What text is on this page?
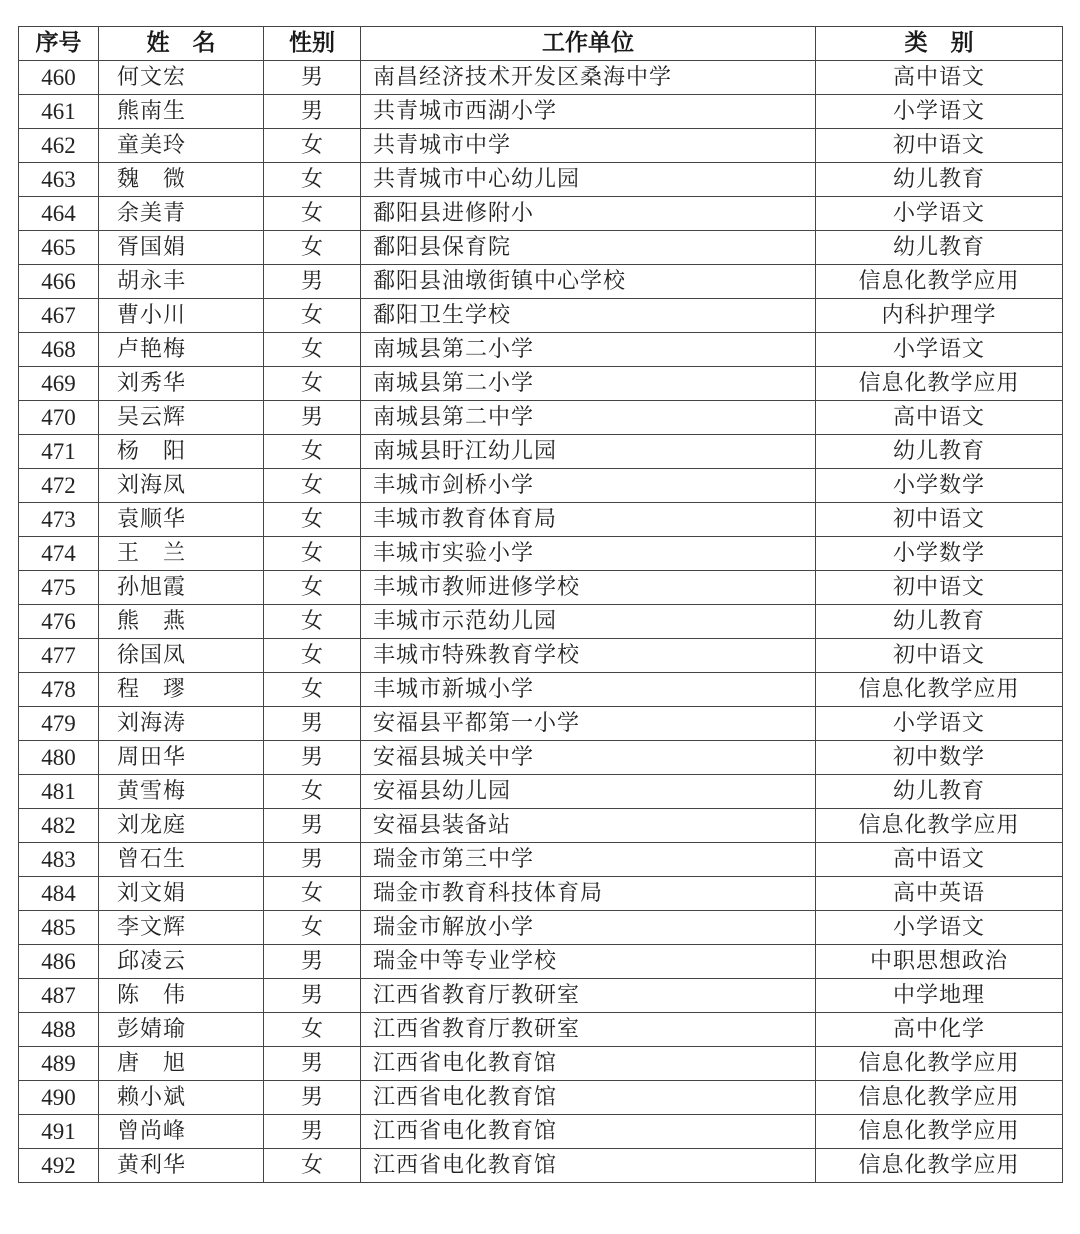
序号	姓　名	性别	工作单位	类　别
460	何文宏	男	南昌经济技术开发区桑海中学	高中语文
461	熊南生	男	共青城市西湖小学	小学语文
462	童美玲	女	共青城市中学	初中语文
463	魏　微	女	共青城市中心幼儿园	幼儿教育
464	余美青	女	鄱阳县进修附小	小学语文
465	胥国娟	女	鄱阳县保育院	幼儿教育
466	胡永丰	男	鄱阳县油墩街镇中心学校	信息化教学应用
467	曹小川	女	鄱阳卫生学校	内科护理学
468	卢艳梅	女	南城县第二小学	小学语文
469	刘秀华	女	南城县第二小学	信息化教学应用
470	吴云辉	男	南城县第二中学	高中语文
471	杨　阳	女	南城县盱江幼儿园	幼儿教育
472	刘海凤	女	丰城市剑桥小学	小学数学
473	袁顺华	女	丰城市教育体育局	初中语文
474	王　兰	女	丰城市实验小学	小学数学
475	孙旭霞	女	丰城市教师进修学校	初中语文
476	熊　燕	女	丰城市示范幼儿园	幼儿教育
477	徐国凤	女	丰城市特殊教育学校	初中语文
478	程　璆	女	丰城市新城小学	信息化教学应用
479	刘海涛	男	安福县平都第一小学	小学语文
480	周田华	男	安福县城关中学	初中数学
481	黄雪梅	女	安福县幼儿园	幼儿教育
482	刘龙庭	男	安福县装备站	信息化教学应用
483	曾石生	男	瑞金市第三中学	高中语文
484	刘文娟	女	瑞金市教育科技体育局	高中英语
485	李文辉	女	瑞金市解放小学	小学语文
486	邱凌云	男	瑞金中等专业学校	中职思想政治
487	陈　伟	男	江西省教育厅教研室	中学地理
488	彭婧瑜	女	江西省教育厅教研室	高中化学
489	唐　旭	男	江西省电化教育馆	信息化教学应用
490	赖小斌	男	江西省电化教育馆	信息化教学应用
491	曾尚峰	男	江西省电化教育馆	信息化教学应用
492	黄利华	女	江西省电化教育馆	信息化教学应用
